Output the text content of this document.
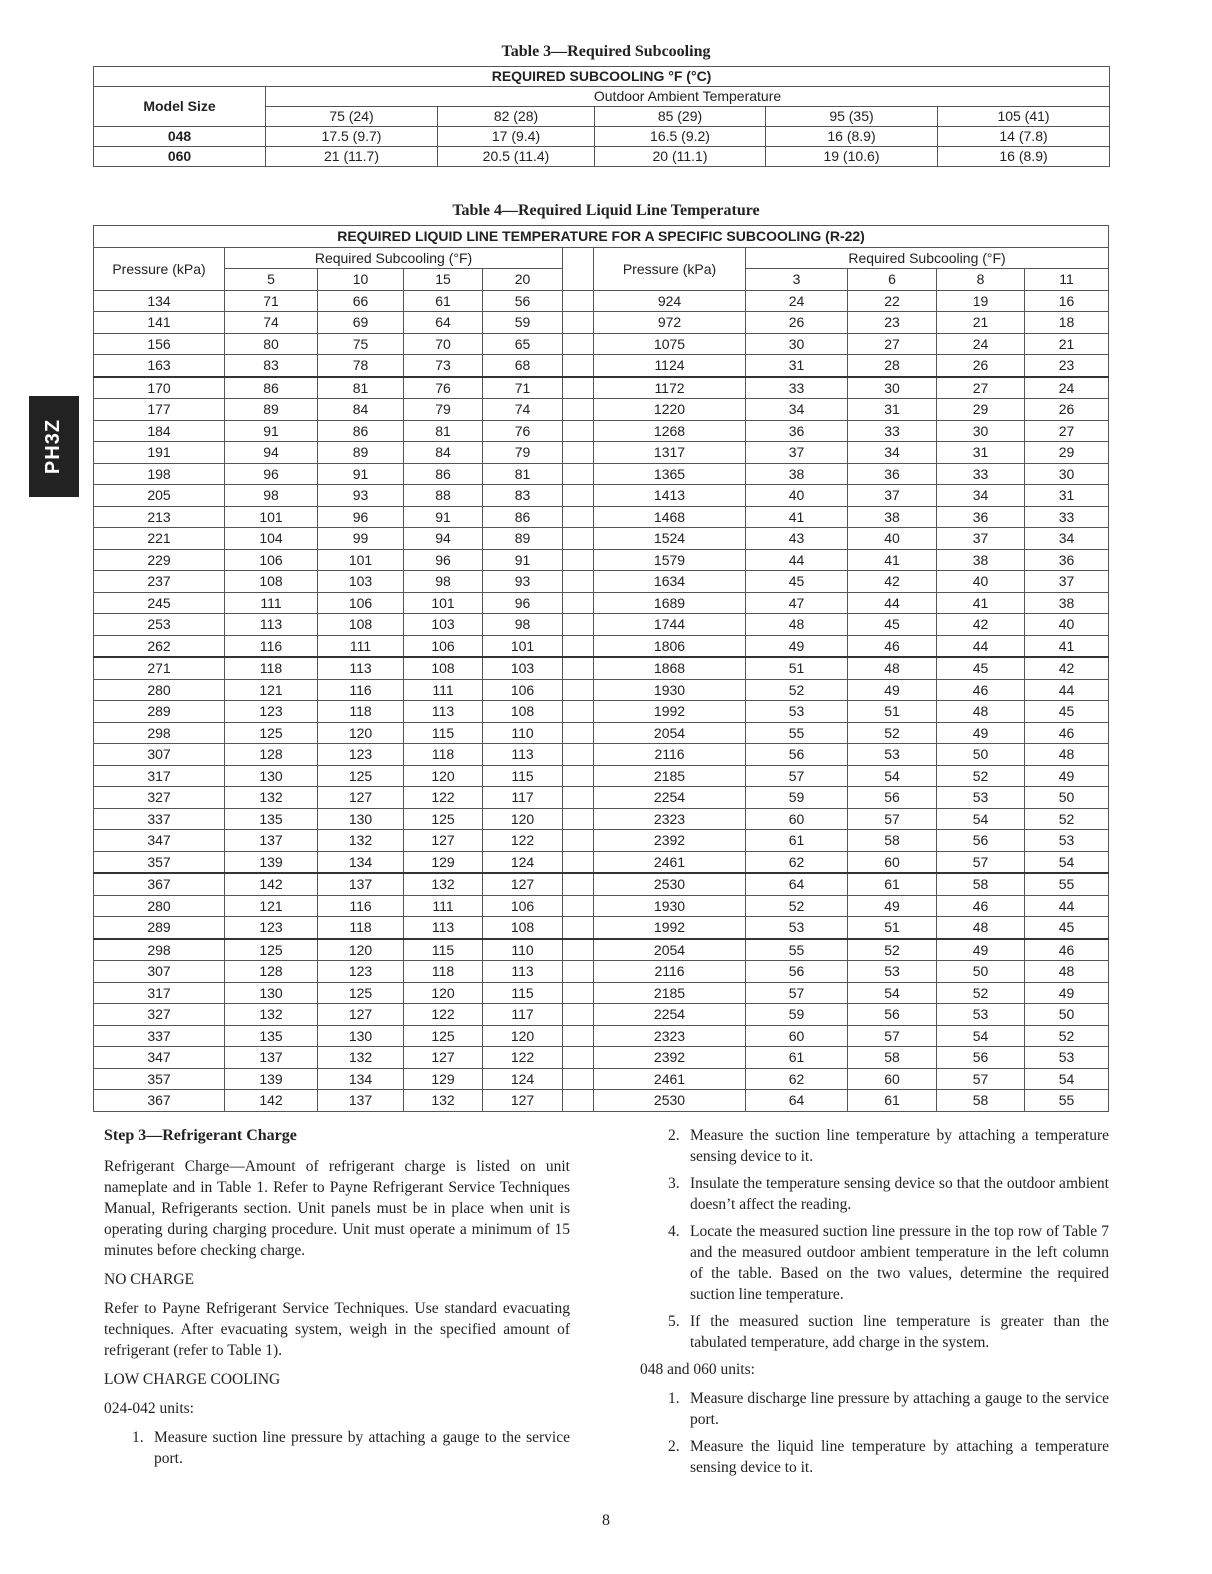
PH3Z
Table 3—Required Subcooling
REQUIRED SUBCOOLING °F (°C)					
Model Size	Outdoor Ambient Temperature				
	75 (24)	82 (28)	85 (29)	95 (35)	105 (41)
048	17.5 (9.7)	17 (9.4)	16.5 (9.2)	16 (8.9)	14 (7.8)
060	21 (11.7)	20.5 (11.4)	20 (11.1)	19 (10.6)	16 (8.9)
Table 4—Required Liquid Line Temperature
REQUIRED LIQUID LINE TEMPERATURE FOR A SPECIFIC SUBCOOLING (R-22)										
Pressure (kPa)	Required Subcooling (°F)					Pressure (kPa)	Required Subcooling (°F)			
	5	10	15	20			3	6	8	11
134	71	66	61	56		924	24	22	19	16
141	74	69	64	59		972	26	23	21	18
156	80	75	70	65		1075	30	27	24	21
163	83	78	73	68		1124	31	28	26	23
170	86	81	76	71		1172	33	30	27	24
177	89	84	79	74		1220	34	31	29	26
184	91	86	81	76		1268	36	33	30	27
191	94	89	84	79		1317	37	34	31	29
198	96	91	86	81		1365	38	36	33	30
205	98	93	88	83		1413	40	37	34	31
213	101	96	91	86		1468	41	38	36	33
221	104	99	94	89		1524	43	40	37	34
229	106	101	96	91		1579	44	41	38	36
237	108	103	98	93		1634	45	42	40	37
245	111	106	101	96		1689	47	44	41	38
253	113	108	103	98		1744	48	45	42	40
262	116	111	106	101		1806	49	46	44	41
271	118	113	108	103		1868	51	48	45	42
280	121	116	111	106		1930	52	49	46	44
289	123	118	113	108		1992	53	51	48	45
298	125	120	115	110		2054	55	52	49	46
307	128	123	118	113		2116	56	53	50	48
317	130	125	120	115		2185	57	54	52	49
327	132	127	122	117		2254	59	56	53	50
337	135	130	125	120		2323	60	57	54	52
347	137	132	127	122		2392	61	58	56	53
357	139	134	129	124		2461	62	60	57	54
367	142	137	132	127		2530	64	61	58	55
280	121	116	111	106		1930	52	49	46	44
289	123	118	113	108		1992	53	51	48	45
298	125	120	115	110		2054	55	52	49	46
307	128	123	118	113		2116	56	53	50	48
317	130	125	120	115		2185	57	54	52	49
327	132	127	122	117		2254	59	56	53	50
337	135	130	125	120		2323	60	57	54	52
347	137	132	127	122		2392	61	58	56	53
357	139	134	129	124		2461	62	60	57	54
367	142	137	132	127		2530	64	61	58	55
Step 3—Refrigerant Charge

Refrigerant Charge—Amount of refrigerant charge is listed on unit nameplate and in Table 1. Refer to Payne Refrigerant Service Techniques Manual, Refrigerants section. Unit panels must be in place when unit is operating during charging procedure. Unit must operate a minimum of 15 minutes before checking charge.

NO CHARGE

Refer to Payne Refrigerant Service Techniques. Use standard evacuating techniques. After evacuating system, weigh in the specified amount of refrigerant (refer to Table 1).

LOW CHARGE COOLING

024-042 units:

1. Measure suction line pressure by attaching a gauge to the service port.
2. Measure the suction line temperature by attaching a temperature sensing device to it.
3. Insulate the temperature sensing device so that the outdoor ambient doesn’t affect the reading.
4. Locate the measured suction line pressure in the top row of Table 7 and the measured outdoor ambient temperature in the left column of the table. Based on the two values, determine the required suction line temperature.
5. If the measured suction line temperature is greater than the tabulated temperature, add charge in the system.

048 and 060 units:

1. Measure discharge line pressure by attaching a gauge to the service port.
2. Measure the liquid line temperature by attaching a temperature sensing device to it.
8
